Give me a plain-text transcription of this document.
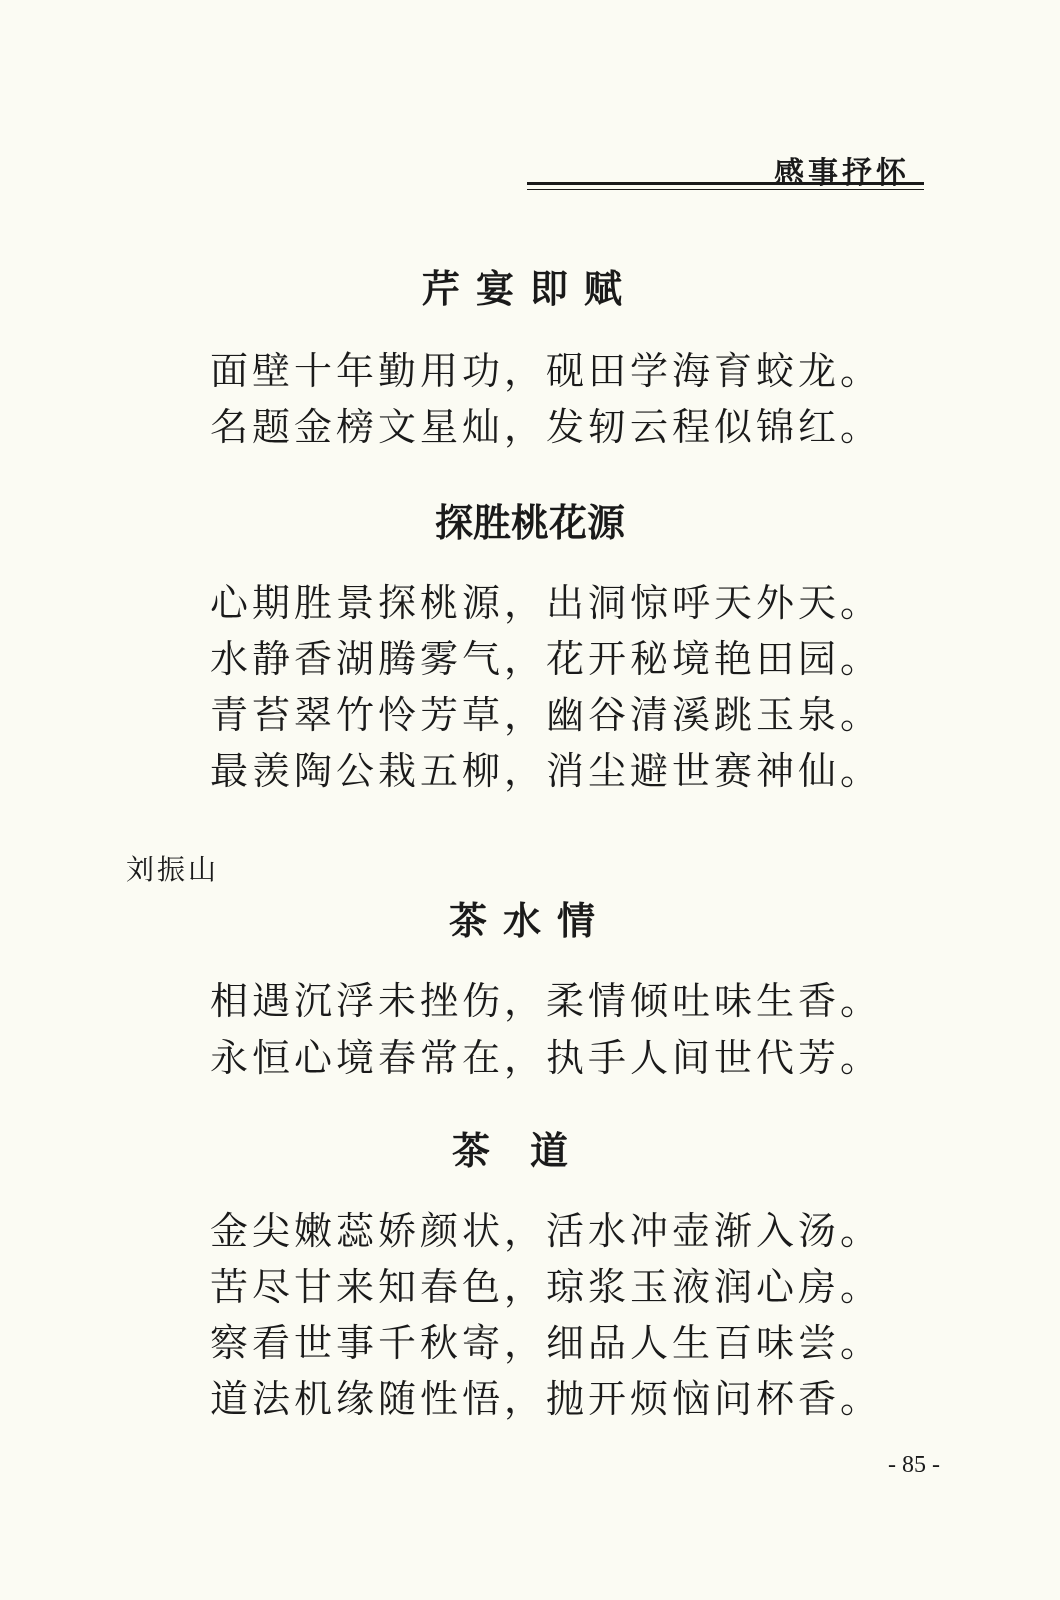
感事抒怀
芹宴即赋
面壁十年勤用功，砚田学海育蛟龙。
名题金榜文星灿，发轫云程似锦红。
探胜桃花源
心期胜景探桃源，出洞惊呼天外天。
水静香湖腾雾气，花开秘境艳田园。
青苔翠竹怜芳草，幽谷清溪跳玉泉。
最羡陶公栽五柳，消尘避世赛神仙。
刘振山
茶水情
相遇沉浮未挫伤，柔情倾吐味生香。
永恒心境春常在，执手人间世代芳。
茶道
金尖嫩蕊娇颜状，活水冲壶渐入汤。
苦尽甘来知春色，琼浆玉液润心房。
察看世事千秋寄，细品人生百味尝。
道法机缘随性悟，抛开烦恼问杯香。
- 85 -
